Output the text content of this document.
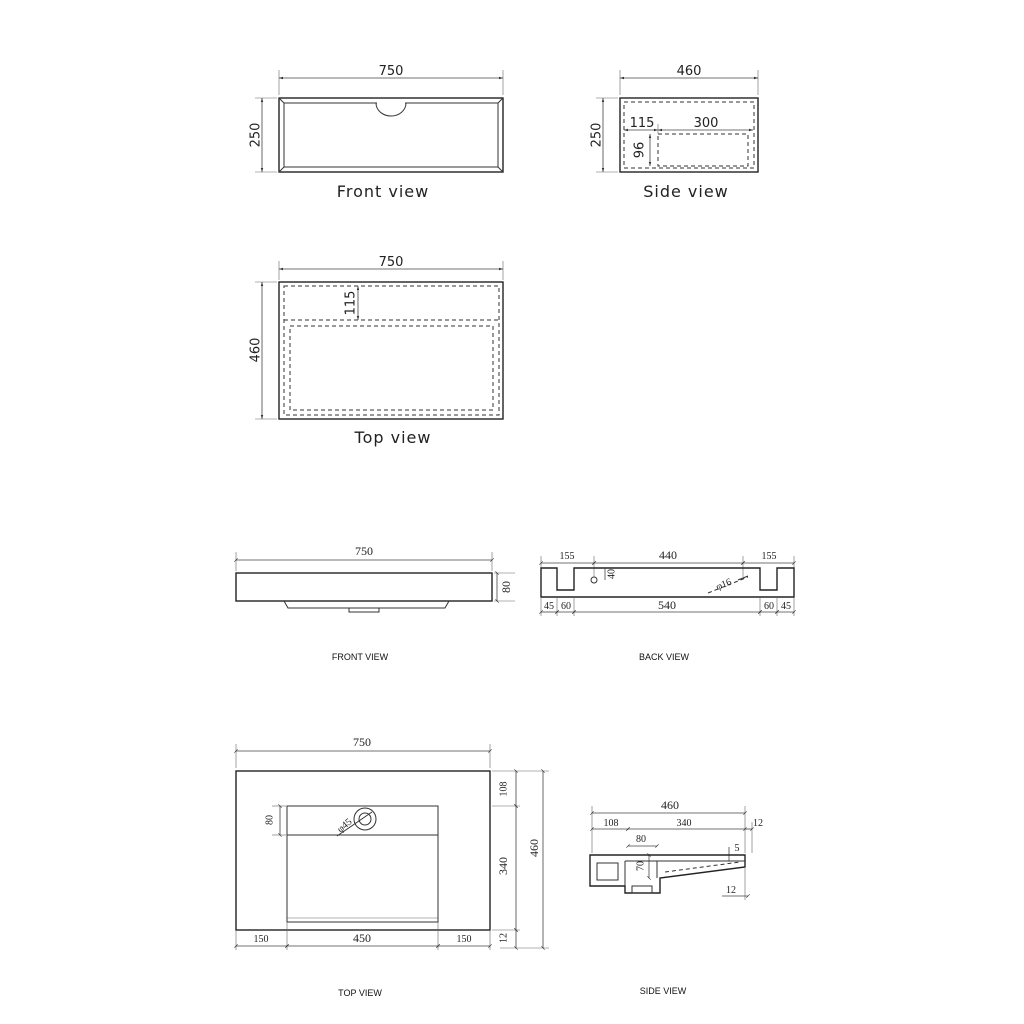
750
250
Front view
460
250 115	300
96
Side view
750
460
115
Top view
750
80
FRONT VIEW
155	440	155
40
φ16
45 60	540	60 45
BACK VIEW
750
φ45
80
108
340
12
460
150	450	150
TOP VIEW
460
108	340	12
80
70
5
12
SIDE VIEW
